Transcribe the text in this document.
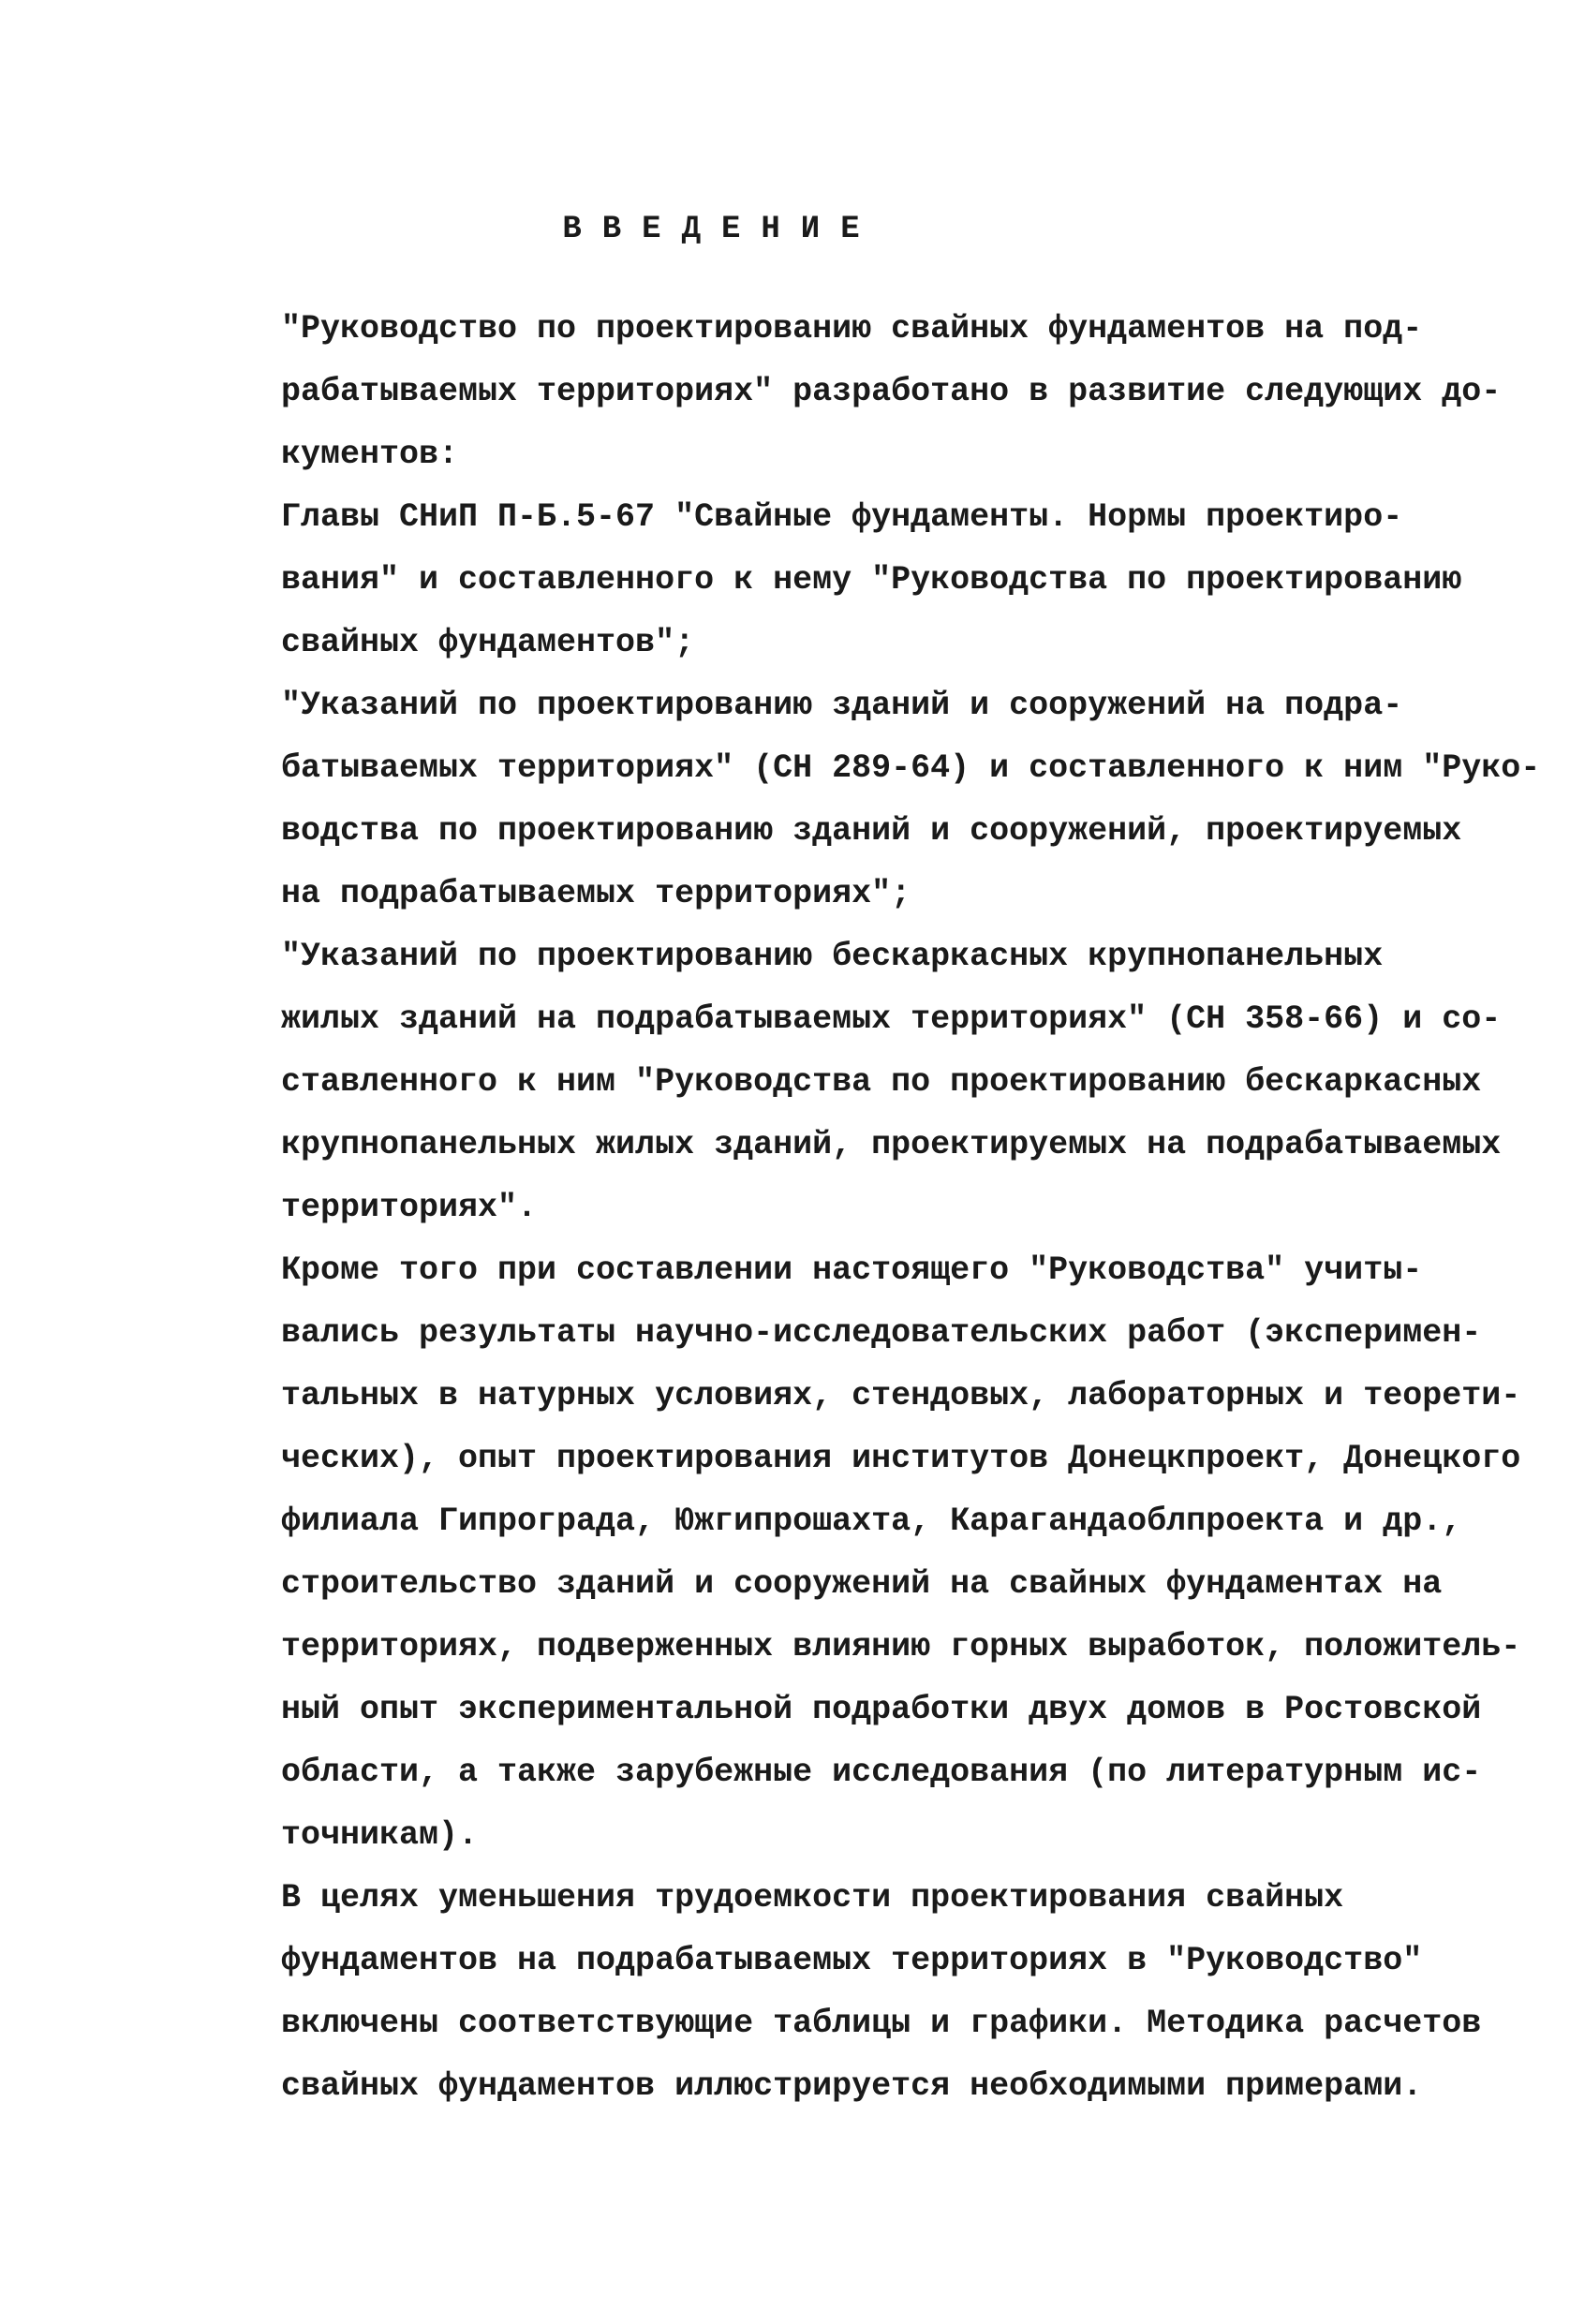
ВВЕДЕНИЕ
"Руководство по проектированию свайных фундаментов на под-
рабатываемых территориях" разработано в развитие следующих до-
кументов:
Главы СНиП П-Б.5-67 "Свайные фундаменты. Нормы проектиро-
вания" и составленного к нему "Руководства по проектированию
свайных фундаментов";
"Указаний по проектированию зданий и сооружений на подра-
батываемых территориях" (СН 289-64) и составленного к ним "Руко-
водства по проектированию зданий и сооружений, проектируемых
на подрабатываемых территориях";
"Указаний по проектированию бескаркасных крупнопанельных
жилых зданий на подрабатываемых территориях" (СН 358-66) и со-
ставленного к ним "Руководства по проектированию бескаркасных
крупнопанельных жилых зданий, проектируемых на подрабатываемых
территориях".
Кроме того при составлении настоящего "Руководства" учиты-
вались результаты научно-исследовательских работ (эксперимен-
тальных в натурных условиях, стендовых, лабораторных и теорети-
ческих), опыт проектирования институтов Донецкпроект, Донецкого
филиала Гипрограда, Южгипрошахта, Карагандаоблпроекта и др.,
строительство зданий и сооружений на свайных фундаментах на
территориях, подверженных влиянию горных выработок, положитель-
ный опыт экспериментальной подработки двух домов в Ростовской
области, а также зарубежные исследования (по литературным ис-
точникам).
В целях уменьшения трудоемкости проектирования свайных
фундаментов на подрабатываемых территориях в "Руководство"
включены соответствующие таблицы и графики. Методика расчетов
свайных фундаментов иллюстрируется необходимыми примерами.
